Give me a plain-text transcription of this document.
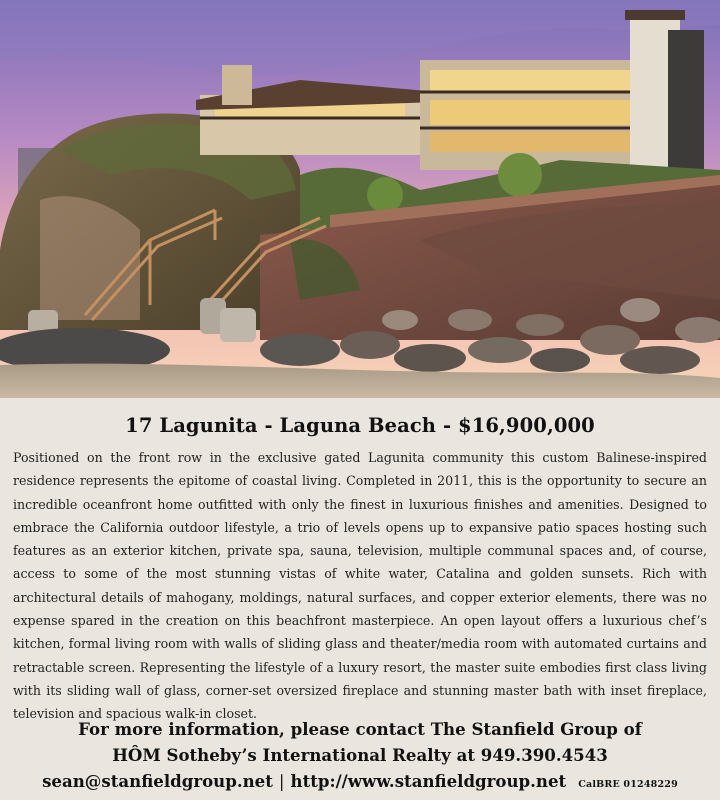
17 Lagunita - Laguna Beach - $16,900,000

Positioned on the front row in the exclusive gated Lagunita community this custom Balinese-inspired residence represents the epitome of coastal living. Completed in 2011, this is the opportunity to secure an incredible oceanfront home outfitted with only the finest in luxurious finishes and amenities. Designed to embrace the California outdoor lifestyle, a trio of levels opens up to expansive patio spaces hosting such features as an exterior kitchen, private spa, sauna, television, multiple communal spaces and, of course, access to some of the most stunning vistas of white water, Catalina and golden sunsets. Rich with architectural details of mahogany, moldings, natural surfaces, and copper exterior elements, there was no expense spared in the creation on this beachfront masterpiece. An open layout offers a luxurious chef’s kitchen, formal living room with walls of sliding glass and theater/media room with automated curtains and retractable screen. Representing the lifestyle of a luxury resort, the master suite embodies first class living with its sliding wall of glass, corner-set oversized fireplace and stunning master bath with inset fireplace, television and spacious walk-in closet.

For more information, please contact The Stanfield Group of
HÔM Sotheby’s International Realty at 949.390.4543
sean@stanfieldgroup.net | http://www.stanfieldgroup.net CalBRE 01248229
